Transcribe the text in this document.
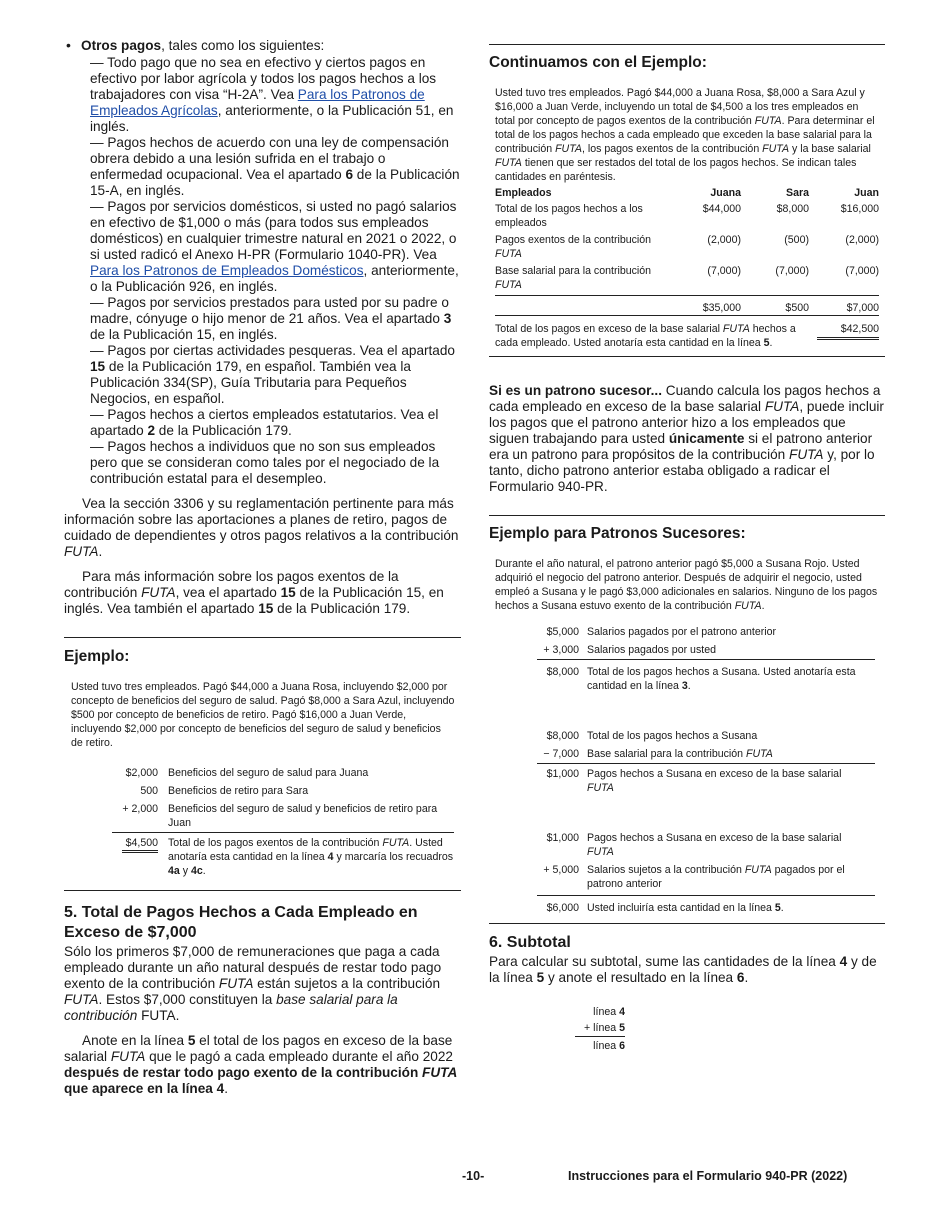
• Otros pagos, tales como los siguientes:
— Todo pago que no sea en efectivo y ciertos pagos en efectivo por labor agrícola y todos los pagos hechos a los trabajadores con visa “H-2A”. Vea Para los Patronos de Empleados Agrícolas, anteriormente, o la Publicación 51, en inglés.
— Pagos hechos de acuerdo con una ley de compensación obrera debido a una lesión sufrida en el trabajo o enfermedad ocupacional. Vea el apartado 6 de la Publicación 15-A, en inglés.
— Pagos por servicios domésticos, si usted no pagó salarios en efectivo de $1,000 o más (para todos sus empleados domésticos) en cualquier trimestre natural en 2021 o 2022, o si usted radicó el Anexo H-PR (Formulario 1040-PR). Vea Para los Patronos de Empleados Domésticos, anteriormente, o la Publicación 926, en inglés.
— Pagos por servicios prestados para usted por su padre o madre, cónyuge o hijo menor de 21 años. Vea el apartado 3 de la Publicación 15, en inglés.
— Pagos por ciertas actividades pesqueras. Vea el apartado 15 de la Publicación 179, en español. También vea la Publicación 334(SP), Guía Tributaria para Pequeños Negocios, en español.
— Pagos hechos a ciertos empleados estatutarios. Vea el apartado 2 de la Publicación 179.
— Pagos hechos a individuos que no son sus empleados pero que se consideran como tales por el negociado de la contribución estatal para el desempleo.

Vea la sección 3306 y su reglamentación pertinente para más información sobre las aportaciones a planes de retiro, pagos de cuidado de dependientes y otros pagos relativos a la contribución FUTA.

Para más información sobre los pagos exentos de la contribución FUTA, vea el apartado 15 de la Publicación 15, en inglés. Vea también el apartado 15 de la Publicación 179.

Ejemplo:

Usted tuvo tres empleados. Pagó $44,000 a Juana Rosa, incluyendo $2,000 por concepto de beneficios del seguro de salud. Pagó $8,000 a Sara Azul, incluyendo $500 por concepto de beneficios de retiro. Pagó $16,000 a Juan Verde, incluyendo $2,000 por concepto de beneficios del seguro de salud y beneficios de retiro.

$2,000	Beneficios del seguro de salud para Juana
500	Beneficios de retiro para Sara
+ 2,000	Beneficios del seguro de salud y beneficios de retiro para Juan
$4,500	Total de los pagos exentos de la contribución FUTA. Usted anotaría esta cantidad en la línea 4 y marcaría los recuadros 4a y 4c.
5. Total de Pagos Hechos a Cada Empleado en Exceso de $7,000

Sólo los primeros $7,000 de remuneraciones que paga a cada empleado durante un año natural después de restar todo pago exento de la contribución FUTA están sujetos a la contribución FUTA. Estos $7,000 constituyen la base salarial para la contribución FUTA.

Anote en la línea 5 el total de los pagos en exceso de la base salarial FUTA que le pagó a cada empleado durante el año 2022 después de restar todo pago exento de la contribución FUTA que aparece en la línea 4.

Continuamos con el Ejemplo:

Usted tuvo tres empleados. Pagó $44,000 a Juana Rosa, $8,000 a Sara Azul y $16,000 a Juan Verde, incluyendo un total de $4,500 a los tres empleados en total por concepto de pagos exentos de la contribución FUTA. Para determinar el total de los pagos hechos a cada empleado que exceden la base salarial para la contribución FUTA, los pagos exentos de la contribución FUTA y la base salarial FUTA tienen que ser restados del total de los pagos hechos. Se indican tales cantidades en paréntesis.

Empleados	Juana	Sara	Juan
Total de los pagos hechos a los empleados	$44,000	$8,000	$16,000
Pagos exentos de la contribución
FUTA	(2,000)	(500)	(2,000)
Base salarial para la contribución
FUTA	(7,000)	(7,000)	(7,000)
	$35,000	$500	$7,000
Total de los pagos en exceso de la base salarial FUTA hechos a cada empleado. Usted anotaría esta cantidad en la línea 5.			$42,500

Si es un patrono sucesor... Cuando calcula los pagos hechos a cada empleado en exceso de la base salarial FUTA, puede incluir los pagos que el patrono anterior hizo a los empleados que siguen trabajando para usted únicamente si el patrono anterior era un patrono para propósitos de la contribución FUTA y, por lo tanto, dicho patrono anterior estaba obligado a radicar el Formulario 940-PR.

Ejemplo para Patronos Sucesores:

Durante el año natural, el patrono anterior pagó $5,000 a Susana Rojo. Usted adquirió el negocio del patrono anterior. Después de adquirir el negocio, usted empleó a Susana y le pagó $3,000 adicionales en salarios. Ninguno de los pagos hechos a Susana estuvo exento de la contribución FUTA.

$5,000	Salarios pagados por el patrono anterior
+ 3,000	Salarios pagados por usted
$8,000	Total de los pagos hechos a Susana. Usted anotaría esta cantidad en la línea 3.
$8,000	Total de los pagos hechos a Susana
− 7,000	Base salarial para la contribución FUTA
$1,000	Pagos hechos a Susana en exceso de la base salarial
FUTA
$1,000	Pagos hechos a Susana en exceso de la base salarial
FUTA
+ 5,000	Salarios sujetos a la contribución FUTA pagados por el patrono anterior
$6,000	Usted incluiría esta cantidad en la línea 5.
6. Subtotal

Para calcular su subtotal, sume las cantidades de la línea 4 y de la línea 5 y anote el resultado en la línea 6.

línea 4
+ línea 5
línea 6
-10-	Instrucciones para el Formulario 940-PR (2022)
